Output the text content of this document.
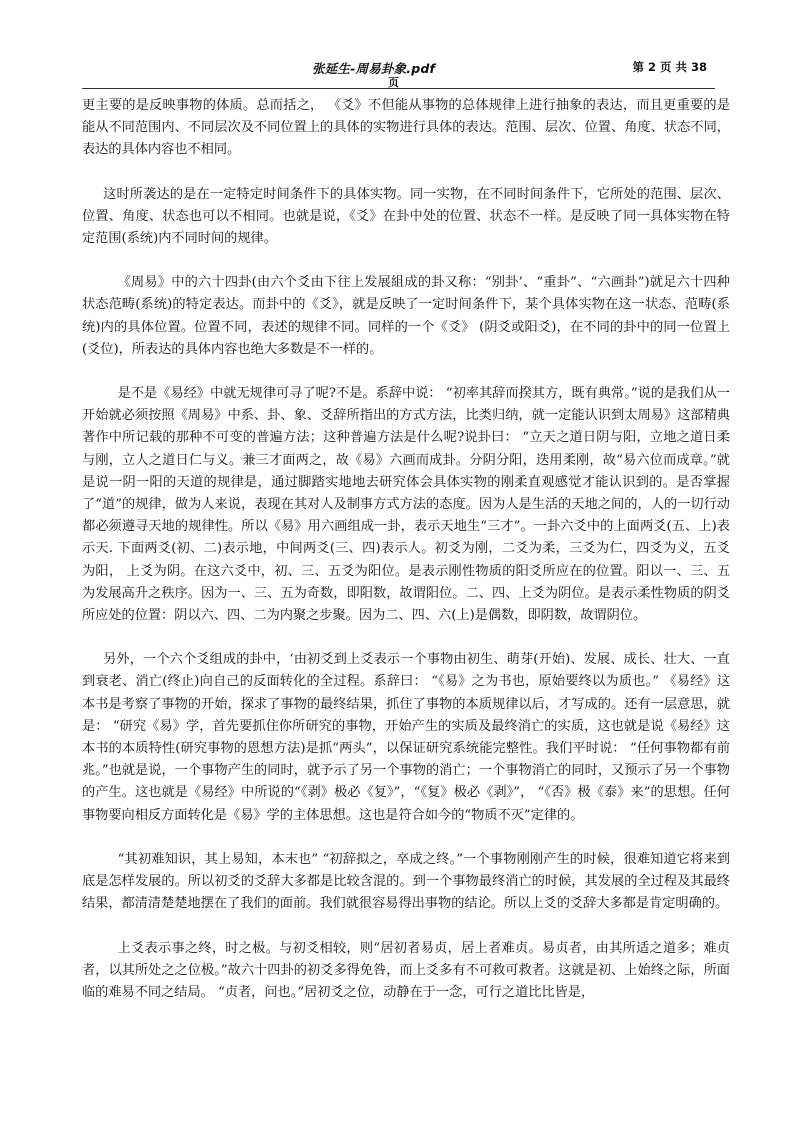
张延生-周易卦象.pdf	第 2 页 共 38
页

更主要的是反映事物的体质。总而括之， 《爻》不但能从事物的总体规律上进行抽象的表达，而且更重要的是能从不同范围内、不同层次及不同位置上的具体的实物进行具体的表达。范围、层次、位置、角度、状态不同，表达的具体内容也不相同。

这时所袭达的是在一定特定时间条件下的具体实物。同一实物，在不同时间条件下，它所处的范围、层次、位置、角度、状态也可以不相同。也就是说，《爻》在卦中处的位置、状态不一样。是反映了同一具体实物在特定范围(系统)内不同时间的规律。

《周易》中的六十四卦(由六个爻由下往上发展組成的卦又称：“别卦’、“重卦”、“六画卦”)就足六十四种状态范畴(系统)的特定表达。而卦中的《爻》，就是反映了一定时间条件下，某个具体实物在这一状态、范畴(系统)内的具体位置。位置不同，表述的规律不同。同样的一个《爻》 (阴爻或阳爻)，在不同的卦中的同一位置上(爻位)，所表达的具体内容也绝大多数是不一样的。

是不是《易经》中就无规律可寻了呢?不是。系辞中说： “初率其辞而揆其方，既有典常。”说的是我们从一开始就必须按照《周易》中系、卦、象、爻辞所指出的方式方法，比类归纳，就一定能认识到太周易》这部精典著作中所记载的那种不可变的普遍方法；这种普遍方法是什么呢?说卦曰： “立天之道日阴与阳，立地之道日柔与刚，立人之道日仁与义。兼三才面两之，故《易》六画而成卦。分阴分阳，迭用柔刚，故“易六位而成章。”就是说一阴一阳的天道的规律是，通过脚踏实地地去研究体会具体实物的刚柔直观感觉才能认识到的。是否掌握了“道”的规律，做为人来说，表现在其对人及制事方式方法的态度。因为人是生活的天地之间的，人的一切行动都必须遵寻天地的规律性。所以《易》用六画组成一卦，表示天地生“三才”。一卦六爻中的上面两爻(五、上)表示天. 下面两爻(初、二)表示地，中间两爻(三、四)表示人。初爻为刚，二爻为柔，三爻为仁，四爻为义，五爻为阳， 上爻为阴。在这六爻中，初、三、五爻为阳位。是表示刚性物质的阳爻所应在的位置。阳以一、三、五为发展高升之秩序。因为一、三、五为奇数，即阳数，故谓阳位。二、四、上爻为阴位。是表示柔性物质的阴爻所应处的位置：阴以六、四、二为内聚之步聚。因为二、四、六(上)是偶数，即阴数，故谓阴位。

另外，一个六个爻组成的卦中，‘由初爻到上爻表示一个事物由初生、萌芽(开始)、发展、成长、壮大、一直到衰老、消亡(终止)向自己的反面转化的全过程。系辞曰： “《易》之为书也，原始要终以为质也。” 《易经》这本书是考察了事物的开始，探求了事物的最终结果，抓住了事物的本质规律以后，才写成的。还有一层意思，就是： “研究《易》学，首先要抓住你所研究的事物，开始产生的实质及最终消亡的实质，这也就是说《易经》这本书的本质特性(研究事物的恩想方法)是抓“两头”，以保证研究系统能完整性。我们平时说： “任何事物都有前兆。”也就是说，一个事物产生的同时，就予示了另一个事物的消亡；一个事物消亡的同时，又预示了另一个事物的产生。这也就是《易经》中所说的“《剥》极必《复》”，“《复》极必《剥》”， “《否》极《泰》来”的思想。任何事物要向相反方面转化是《易》学的主体思想。这也是符合如今的“物质不灭”定律的。

“其初难知识，其上易知，本末也” “初辞拟之，卒成之终。”一个事物刚刚产生的时候，很难知道它将来到底是怎样发展的。所以初爻的爻辞大多都是比较含混的。到一个事物最终消亡的时候，其发展的全过程及其最终结果，都清清楚楚地摆在了我们的面前。我们就很容易得出事物的结论。所以上爻的爻辞大多都是肯定明确的。

上爻表示事之终，时之极。与初爻相较，则“居初者易贞，居上者难贞。易贞者，由其所适之道多；难贞者，以其所处之之位极。”故六十四卦的初爻多得免咎，而上爻多有不可救可救者。这就是初、上始终之际，所面临的难易不同之结局。 “贞者，问也。”居初爻之位，动静在于一念，可行之道比比皆是，
